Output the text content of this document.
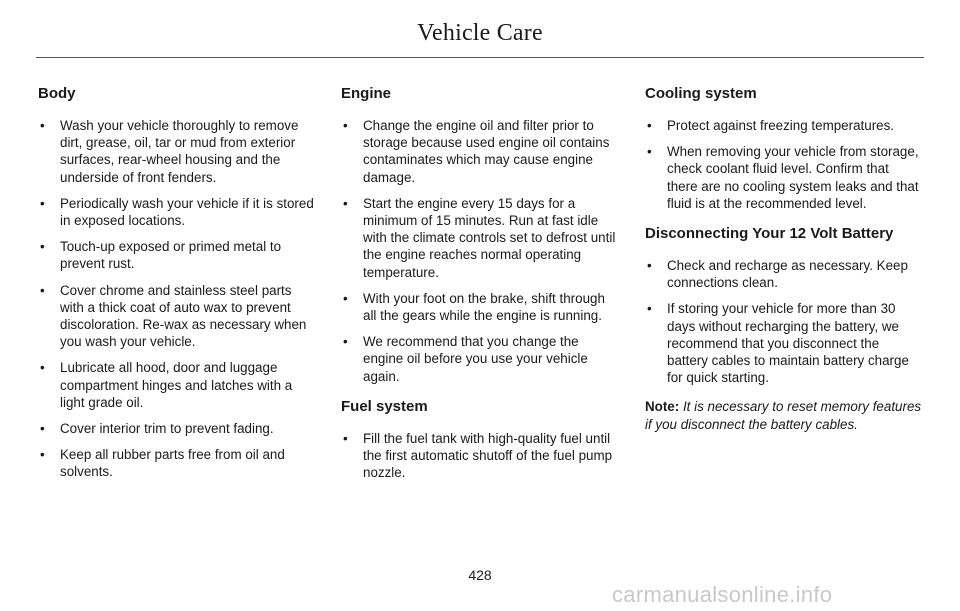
Vehicle Care
Body
• Wash your vehicle thoroughly to remove dirt, grease, oil, tar or mud from exterior surfaces, rear-wheel housing and the underside of front fenders.
• Periodically wash your vehicle if it is stored in exposed locations.
• Touch-up exposed or primed metal to prevent rust.
• Cover chrome and stainless steel parts with a thick coat of auto wax to prevent discoloration. Re-wax as necessary when you wash your vehicle.
• Lubricate all hood, door and luggage compartment hinges and latches with a light grade oil.
• Cover interior trim to prevent fading.
• Keep all rubber parts free from oil and solvents.
Engine
• Change the engine oil and filter prior to storage because used engine oil contains contaminates which may cause engine damage.
• Start the engine every 15 days for a minimum of 15 minutes. Run at fast idle with the climate controls set to defrost until the engine reaches normal operating temperature.
• With your foot on the brake, shift through all the gears while the engine is running.
• We recommend that you change the engine oil before you use your vehicle again.
Fuel system
• Fill the fuel tank with high-quality fuel until the first automatic shutoff of the fuel pump nozzle.
Cooling system
• Protect against freezing temperatures.
• When removing your vehicle from storage, check coolant fluid level. Confirm that there are no cooling system leaks and that fluid is at the recommended level.
Disconnecting Your 12 Volt Battery
• Check and recharge as necessary. Keep connections clean.
• If storing your vehicle for more than 30 days without recharging the battery, we recommend that you disconnect the battery cables to maintain battery charge for quick starting.

Note: It is necessary to reset memory features if you disconnect the battery cables.

428
carmanualsonline.info
